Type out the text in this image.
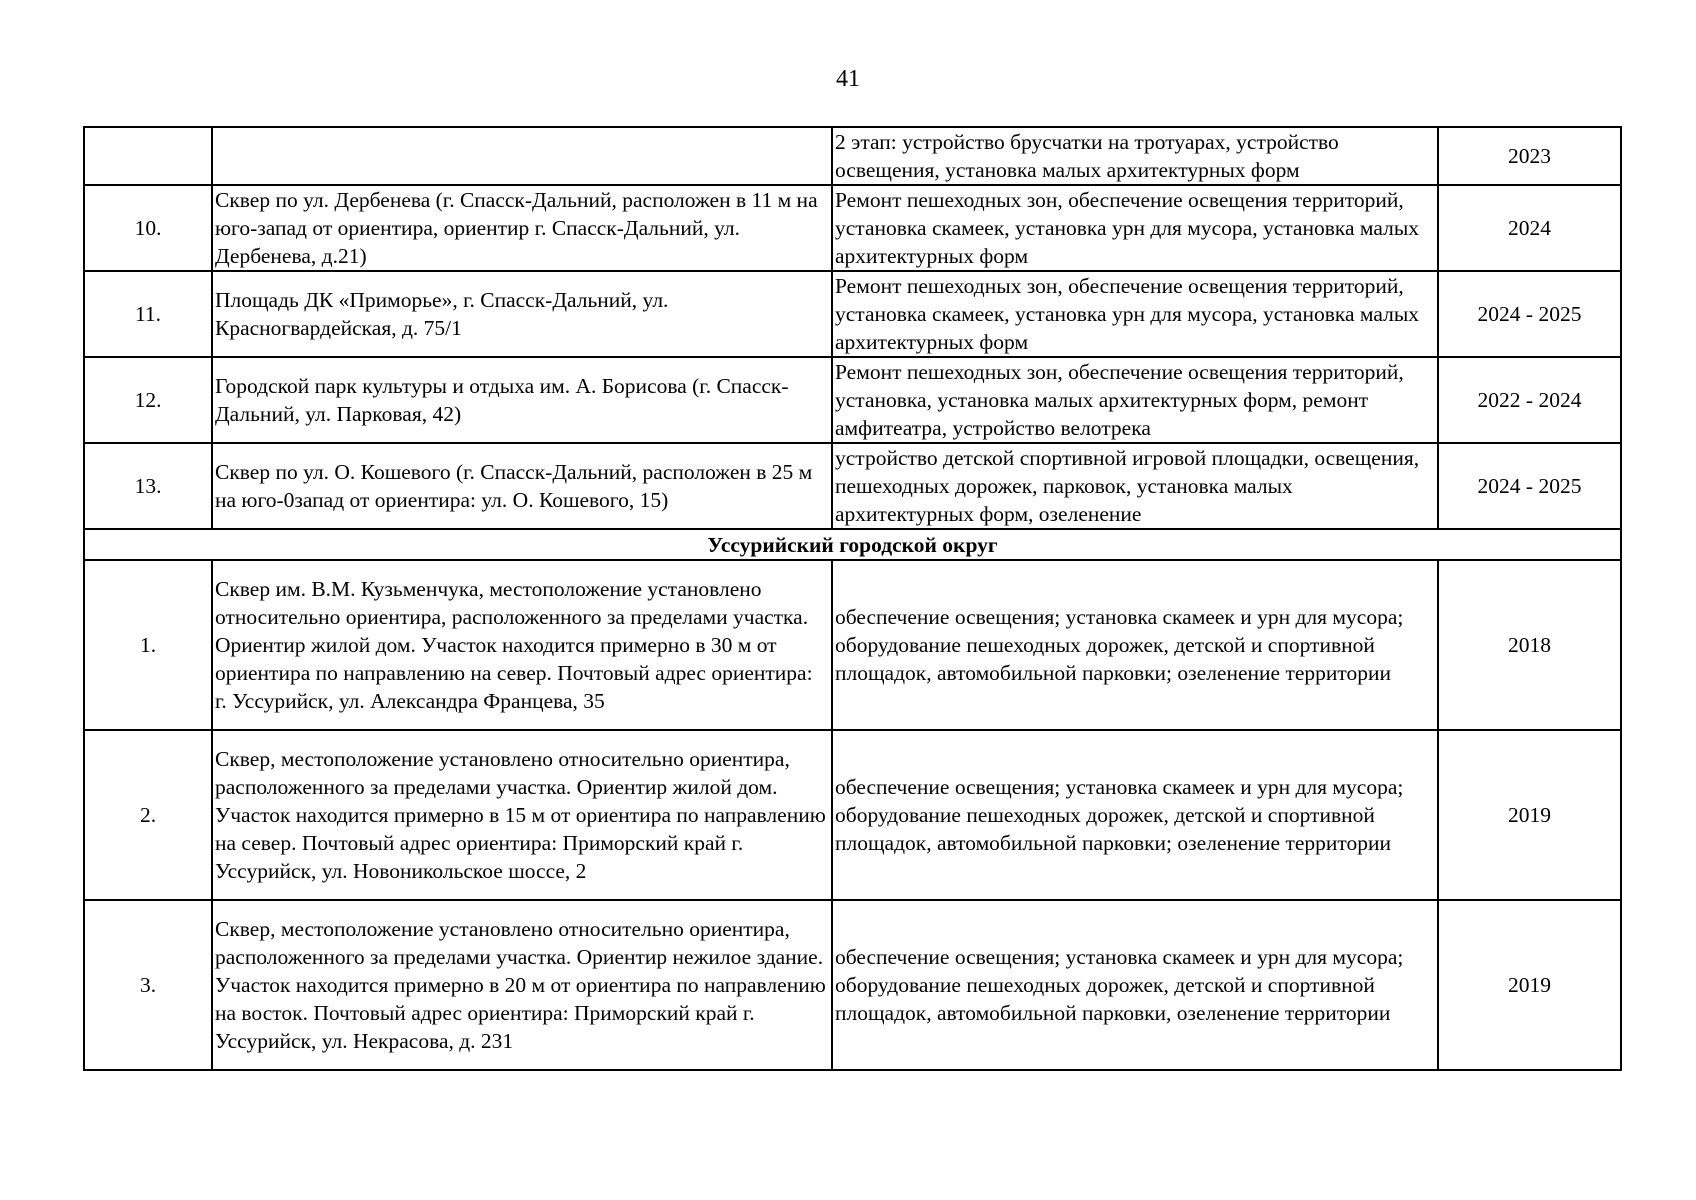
41
		2 этап: устройство брусчатки на тротуарах, устройство освещения, установка малых архитектурных форм	2023
10.	Сквер по ул. Дербенева (г. Спасск-Дальний, расположен в 11 м на юго-запад от ориентира, ориентир г. Спасск-Дальний, ул. Дербенева, д.21)	Ремонт пешеходных зон, обеспечение освещения территорий, установка скамеек, установка урн для мусора, установка малых архитектурных форм	2024
11.	Площадь ДК «Приморье», г. Спасск-Дальний, ул. Красногвардейская, д. 75/1	Ремонт пешеходных зон, обеспечение освещения территорий, установка скамеек, установка урн для мусора, установка малых архитектурных форм	2024 - 2025
12.	Городской парк культуры и отдыха им. А. Борисова (г. Спасск-Дальний, ул. Парковая, 42)	Ремонт пешеходных зон, обеспечение освещения территорий, установка, установка малых архитектурных форм, ремонт амфитеатра, устройство велотрека	2022 - 2024
13.	Сквер по ул. О. Кошевого (г. Спасск-Дальний, расположен в 25 м на юго-0запад от ориентира: ул. О. Кошевого, 15)	устройство детской спортивной игровой площадки, освещения, пешеходных дорожек, парковок, установка малых архитектурных форм, озеленение	2024 - 2025
Уссурийский городской округ			
1.	Сквер им. В.М. Кузьменчука, местоположение установлено относительно ориентира, расположенного за пределами участка. Ориентир жилой дом. Участок находится примерно в 30 м от ориентира по направлению на север. Почтовый адрес ориентира: г. Уссурийск, ул. Александра Францева, 35	обеспечение освещения; установка скамеек и урн для мусора; оборудование пешеходных дорожек, детской и спортивной площадок, автомобильной парковки; озеленение территории	2018
2.	Сквер, местоположение установлено относительно ориентира, расположенного за пределами участка. Ориентир жилой дом. Участок находится примерно в 15 м от ориентира по направлению на север. Почтовый адрес ориентира: Приморский край г. Уссурийск, ул. Новоникольское шоссе, 2	обеспечение освещения; установка скамеек и урн для мусора; оборудование пешеходных дорожек, детской и спортивной площадок, автомобильной парковки; озеленение территории	2019
3.	Сквер, местоположение установлено относительно ориентира, расположенного за пределами участка. Ориентир нежилое здание. Участок находится примерно в 20 м от ориентира по направлению на восток. Почтовый адрес ориентира: Приморский край г. Уссурийск, ул. Некрасова, д. 231	обеспечение освещения; установка скамеек и урн для мусора; оборудование пешеходных дорожек, детской и спортивной площадок, автомобильной парковки, озеленение территории	2019
